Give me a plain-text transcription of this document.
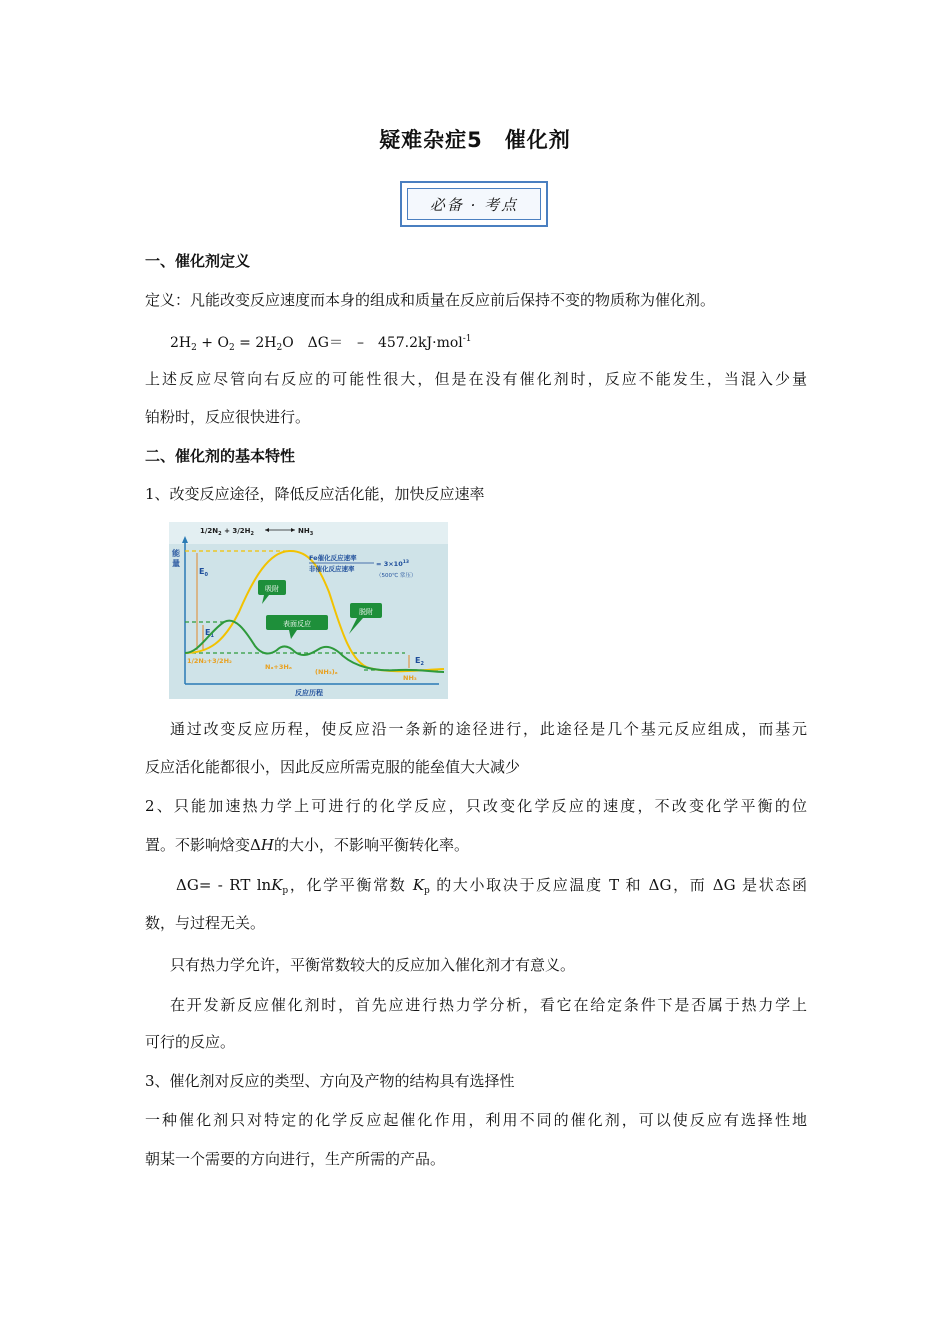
疑难杂症5　催化剂
必备 · 考点
一、催化剂定义
定义：凡能改变反应速度而本身的组成和质量在反应前后保持不变的物质称为催化剂。
$2H_2 + O_2 = 2H_2O$　ΔG＝　–　457.2kJ·mol$^{-1}$
上述反应尽管向右反应的可能性很大，但是在没有催化剂时，反应不能发生，当混入少量
铂粉时，反应很快进行。
二、催化剂的基本特性
1、改变反应途径，降低反应活化能，加快反应速率
$1/2N_2 + 3/2H_2$	$NH_3$
能量
$E_0$
$E_1$
$E_2$
Fe催化反应速率
非催化反应速率
= $3\times 10^{13}$
（500℃ 常压）
吸附
表面反应
脱附
1/2N₂+3/2H₂
Nₐ+3Hₐ
(NH₃)ₐ
NH₃
反应历程
通过改变反应历程，使反应沿一条新的途径进行，此途径是几个基元反应组成，而基元
反应活化能都很小，因此反应所需克服的能垒值大大减少
2、只能加速热力学上可进行的化学反应，只改变化学反应的速度，不改变化学平衡的位
置。不影响焓变ΔH的大小，不影响平衡转化率。
ΔG= - RT lnK$_p$，化学平衡常数 $K_p$ 的大小取决于反应温度 T 和 ΔG，而 ΔG 是状态函
数，与过程无关。
只有热力学允许，平衡常数较大的反应加入催化剂才有意义。
在开发新反应催化剂时，首先应进行热力学分析，看它在给定条件下是否属于热力学上
可行的反应。
3、催化剂对反应的类型、方向及产物的结构具有选择性
一种催化剂只对特定的化学反应起催化作用，利用不同的催化剂，可以使反应有选择性地
朝某一个需要的方向进行，生产所需的产品。
